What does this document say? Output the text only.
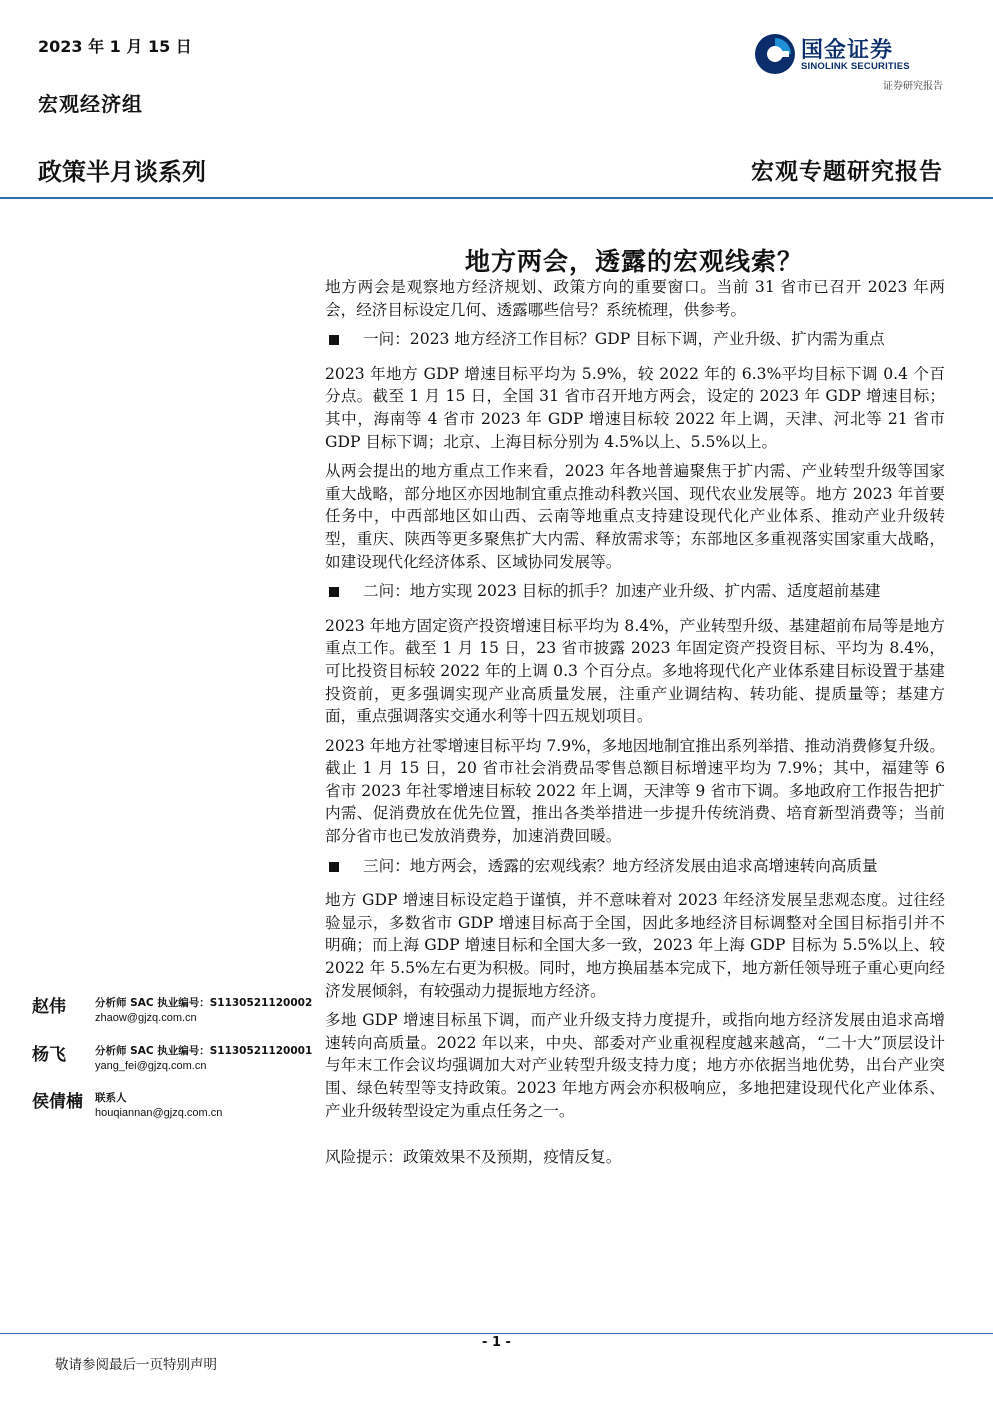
2023 年 1 月 15 日
宏观经济组
政策半月谈系列	宏观专题研究报告
国金证券
SINOLINK SECURITIES
证券研究报告
地方两会，透露的宏观线索？

地方两会是观察地方经济规划、政策方向的重要窗口。当前 31 省市已召开 2023 年两会，经济目标设定几何、透露哪些信号？系统梳理，供参考。

一问：2023 地方经济工作目标？GDP 目标下调，产业升级、扩内需为重点

2023 年地方 GDP 增速目标平均为 5.9%，较 2022 年的 6.3%平均目标下调 0.4 个百分点。截至 1 月 15 日，全国 31 省市召开地方两会，设定的 2023 年 GDP 增速目标；其中，海南等 4 省市 2023 年 GDP 增速目标较 2022 年上调，天津、河北等 21 省市 GDP 目标下调；北京、上海目标分别为 4.5%以上、5.5%以上。

从两会提出的地方重点工作来看，2023 年各地普遍聚焦于扩内需、产业转型升级等国家重大战略，部分地区亦因地制宜重点推动科教兴国、现代农业发展等。地方 2023 年首要任务中，中西部地区如山西、云南等地重点支持建设现代化产业体系、推动产业升级转型，重庆、陕西等更多聚焦扩大内需、释放需求等；东部地区多重视落实国家重大战略，如建设现代化经济体系、区域协同发展等。

二问：地方实现 2023 目标的抓手？加速产业升级、扩内需、适度超前基建

2023 年地方固定资产投资增速目标平均为 8.4%，产业转型升级、基建超前布局等是地方重点工作。截至 1 月 15 日，23 省市披露 2023 年固定资产投资目标、平均为 8.4%，可比投资目标较 2022 年的上调 0.3 个百分点。多地将现代化产业体系建目标设置于基建投资前，更多强调实现产业高质量发展，注重产业调结构、转功能、提质量等；基建方面，重点强调落实交通水利等十四五规划项目。

2023 年地方社零增速目标平均 7.9%，多地因地制宜推出系列举措、推动消费修复升级。截止 1 月 15 日，20 省市社会消费品零售总额目标增速平均为 7.9%；其中，福建等 6 省市 2023 年社零增速目标较 2022 年上调，天津等 9 省市下调。多地政府工作报告把扩内需、促消费放在优先位置，推出各类举措进一步提升传统消费、培育新型消费等；当前部分省市也已发放消费券，加速消费回暖。

三问：地方两会，透露的宏观线索？地方经济发展由追求高增速转向高质量

地方 GDP 增速目标设定趋于谨慎，并不意味着对 2023 年经济发展呈悲观态度。过往经验显示，多数省市 GDP 增速目标高于全国，因此多地经济目标调整对全国目标指引并不明确；而上海 GDP 增速目标和全国大多一致，2023 年上海 GDP 目标为 5.5%以上、较 2022 年 5.5%左右更为积极。同时，地方换届基本完成下，地方新任领导班子重心更向经济发展倾斜，有较强动力提振地方经济。

多地 GDP 增速目标虽下调，而产业升级支持力度提升，或指向地方经济发展由追求高增速转向高质量。2022 年以来，中央、部委对产业重视程度越来越高，“二十大”顶层设计与年末工作会议均强调加大对产业转型升级支持力度；地方亦依据当地优势，出台产业突围、绿色转型等支持政策。2023 年地方两会亦积极响应，多地把建设现代化产业体系、产业升级转型设定为重点任务之一。

风险提示：政策效果不及预期，疫情反复。

赵伟	分析师 SAC 执业编号：S1130521120002
zhaow@gjzq.com.cn
杨飞	分析师 SAC 执业编号：S1130521120001
yang_fei@gjzq.com.cn
侯倩楠 联系人
houqiannan@gjzq.com.cn
- 1 -
敬请参阅最后一页特别声明
